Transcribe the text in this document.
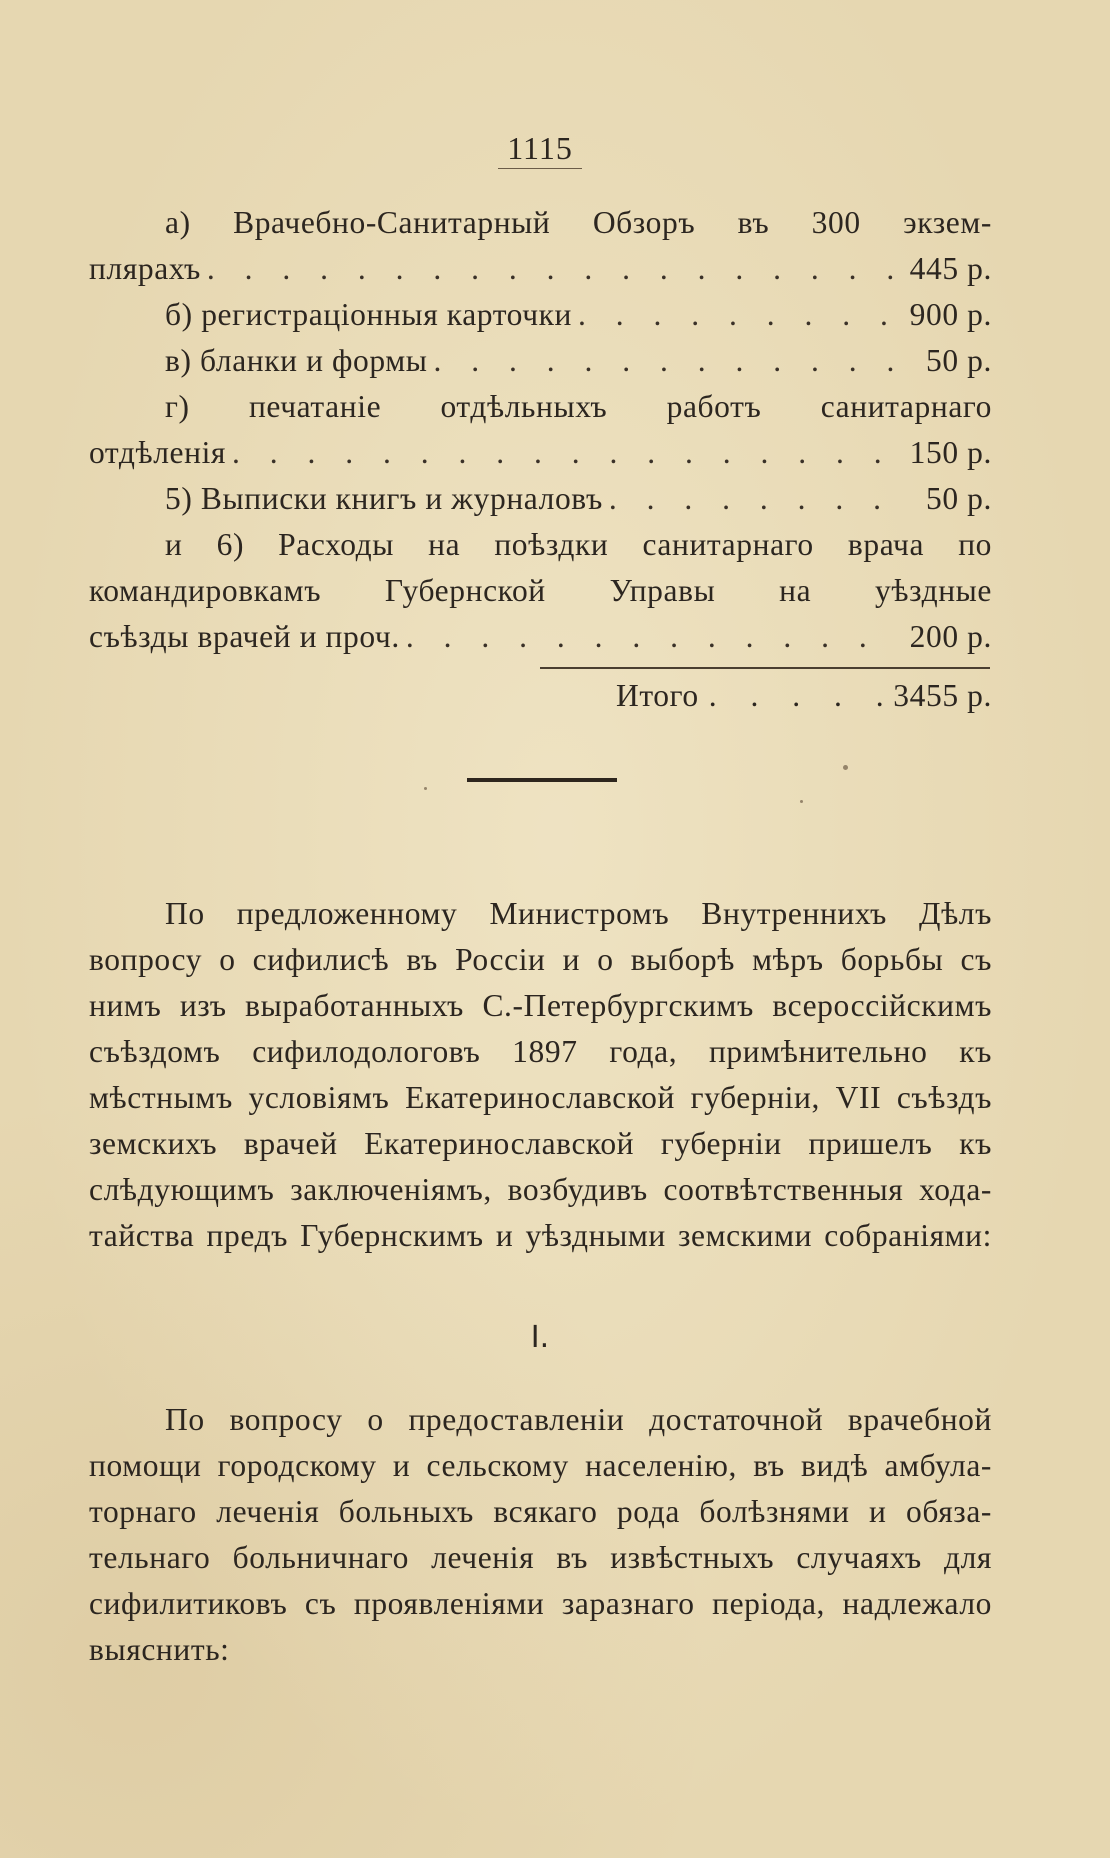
1115
а) Врачебно-Санитарный Обзоръ въ 300 экзем-
плярахъ . . .	445 р.
б) регистраціонныя карточки . . .	900 р.
в) бланки и формы . . .	50 р.
г) печатаніе отдѣльныхъ работъ санитарнаго
отдѣленія . . .	150 р.
5) Выписки книгъ и журналовъ . . .	50 р.
и 6) Расходы на поѣздки санитарнаго врача по
командировкамъ Губернской Управы на уѣздные
съѣзды врачей и проч. . . .	200 р.
Итого . . .	3455 р.
По предложенному Министромъ Внутреннихъ Дѣлъ
вопросу о сифилисѣ въ Россіи и о выборѣ мѣръ борьбы съ
нимъ изъ выработанныхъ С.-Петербургскимъ всероссійскимъ
съѣздомъ сифилодологовъ 1897 года, примѣнительно къ
мѣстнымъ условіямъ Екатеринославской губерніи, VII съѣздъ
земскихъ врачей Екатеринославской губерніи пришелъ къ
слѣдующимъ заключеніямъ, возбудивъ соотвѣтственныя хода-
тайства предъ Губернскимъ и уѣздными земскими собраніями:
I.
По вопросу о предоставленіи достаточной врачебной
помощи городскому и сельскому населенію, въ видѣ амбула-
торнаго леченія больныхъ всякаго рода болѣзнями и обяза-
тельнаго больничнаго леченія въ извѣстныхъ случаяхъ для
сифилитиковъ съ проявленіями заразнаго періода, надлежало
выяснить:
